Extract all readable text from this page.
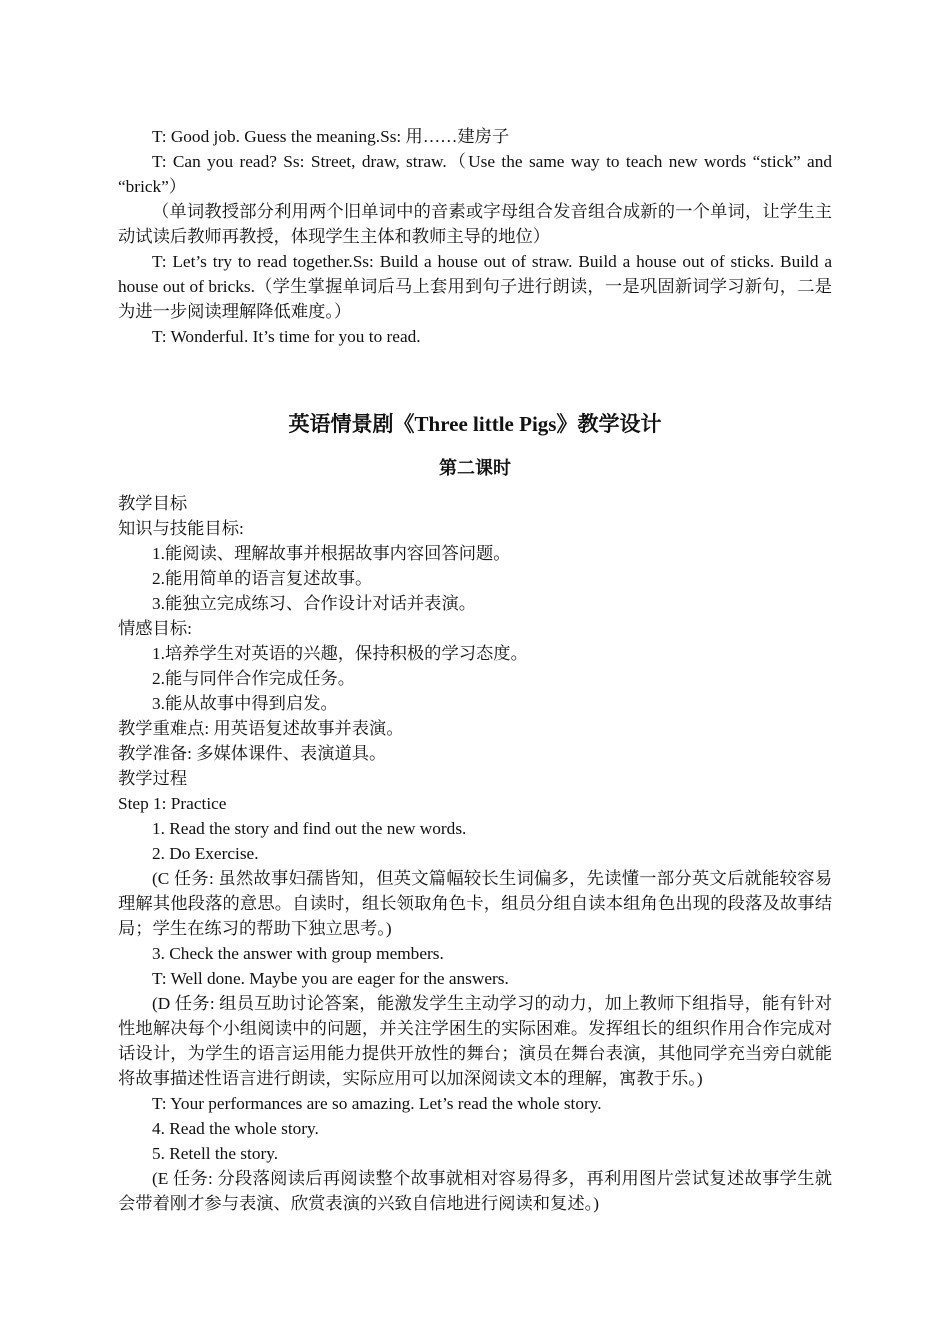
T: Good job. Guess the meaning.Ss: 用……建房子

T: Can you read? Ss: Street, draw, straw.（Use the same way to teach new words “stick” and “brick”）

（单词教授部分利用两个旧单词中的音素或字母组合发音组合成新的一个单词，让学生主动试读后教师再教授，体现学生主体和教师主导的地位）

T: Let’s try to read together.Ss: Build a house out of straw. Build a house out of sticks. Build a house out of bricks.（学生掌握单词后马上套用到句子进行朗读，一是巩固新词学习新句，二是为进一步阅读理解降低难度。）

T: Wonderful. It’s time for you to read.

英语情景剧《Three little Pigs》教学设计
第二课时

教学目标

知识与技能目标:

1.能阅读、理解故事并根据故事内容回答问题。

2.能用简单的语言复述故事。

3.能独立完成练习、合作设计对话并表演。

情感目标:

1.培养学生对英语的兴趣，保持积极的学习态度。

2.能与同伴合作完成任务。

3.能从故事中得到启发。

教学重难点: 用英语复述故事并表演。

教学准备: 多媒体课件、表演道具。

教学过程

Step 1: Practice

1. Read the story and find out the new words.

2. Do Exercise.

(C 任务: 虽然故事妇孺皆知，但英文篇幅较长生词偏多，先读懂一部分英文后就能较容易理解其他段落的意思。自读时，组长领取角色卡，组员分组自读本组角色出现的段落及故事结局；学生在练习的帮助下独立思考。)

3. Check the answer with group members.

T: Well done. Maybe you are eager for the answers.

(D 任务: 组员互助讨论答案，能激发学生主动学习的动力，加上教师下组指导，能有针对性地解决每个小组阅读中的问题，并关注学困生的实际困难。发挥组长的组织作用合作完成对话设计，为学生的语言运用能力提供开放性的舞台；演员在舞台表演，其他同学充当旁白就能将故事描述性语言进行朗读，实际应用可以加深阅读文本的理解，寓教于乐。)

T: Your performances are so amazing. Let’s read the whole story.

4. Read the whole story.

5. Retell the story.

(E 任务: 分段落阅读后再阅读整个故事就相对容易得多，再利用图片尝试复述故事学生就会带着刚才参与表演、欣赏表演的兴致自信地进行阅读和复述。)
